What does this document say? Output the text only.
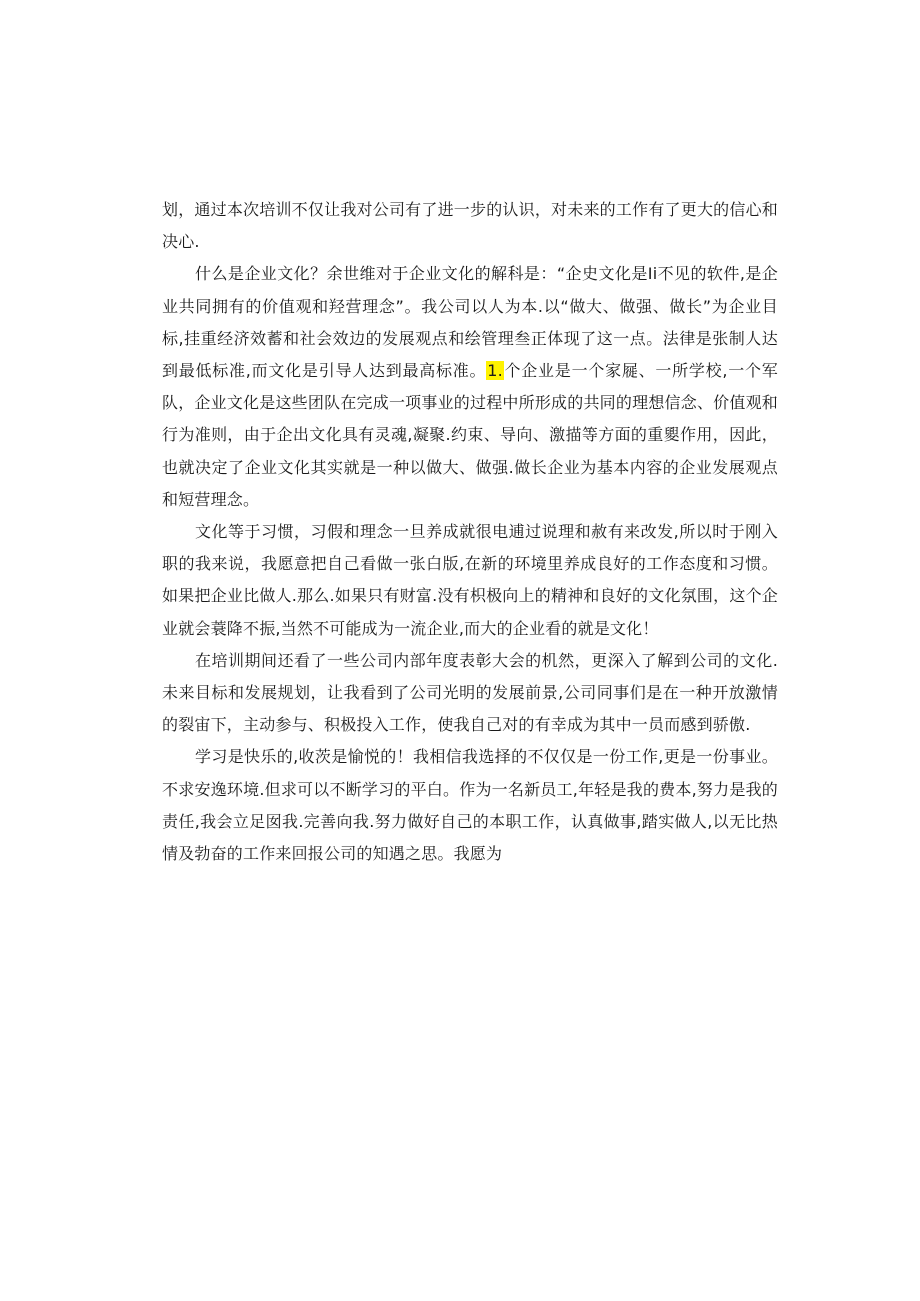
划，通过本次培训不仅让我对公司有了进一步的认识，对未来的工作有了更大的信心和决心.

什么是企业文化？余世维对于企业文化的解科是：“企史文化是Ii不见的软件,是企业共同拥有的价值观和羟营理念”。我公司以人为本.以“做大、做强、做长”为企业目标,挂重经济效蓄和社会效边的发展观点和绘管理叁正体现了这一点。法律是张制人达到最低标准,而文化是引导人达到最高标准。1.个企业是一个家屣、一所学校,一个军队，企业文化是这些团队在完成一项事业的过程中所形成的共同的理想信念、价值观和行为准则，由于企出文化具有灵魂,凝聚.约束、导向、激描等方面的重夓作用，因此，也就决定了企业文化其实就是一种以做大、做强.做长企业为基本内容的企业发展观点和短营理念。

文化等于习惯，习假和理念一旦养成就很电逋过说理和赦有来改发,所以时于刚入职的我来说，我愿意把自己看做一张白版,在新的环境里养成良好的工作态度和习惯。如果把企业比做人.那么.如果只有财富.没有枳极向上的精神和良好的文化氛围，这个企业就会蓑降不振,当然不可能成为一流企业,而大的企业看的就是文化！

在培训期间还看了一些公司内部年度表彰大会的机然，更深入了解到公司的文化.未来目标和发展规划，让我看到了公司光明的发展前景,公司同事们是在一种开放激情的裂宙下，主动参与、积极投入工作，使我自己对的有幸成为其中一员而感到骄傲.

学习是快乐的,收茨是愉悦的！我相信我选择的不仅仅是一份工作,更是一份事业。不求安逸环境.但求可以不断学习的平白。作为一名新员工,年轻是我的费本,努力是我的责任,我会立足囡我.完善向我.努力做好自己的本职工作，认真做事,踏实做人,以无比热情及勃奋的工作来回报公司的知遇之思。我愿为
